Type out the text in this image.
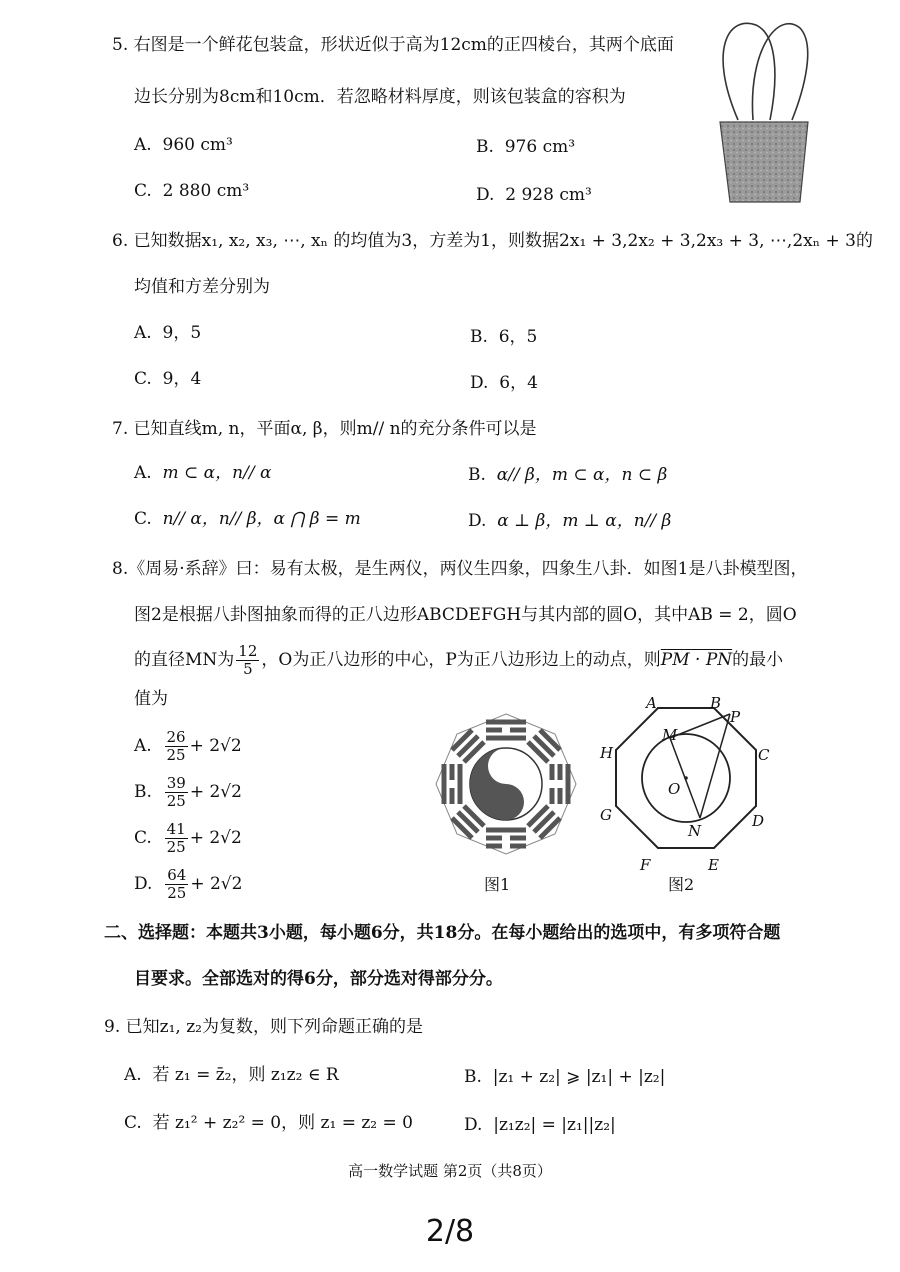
5. 右图是一个鲜花包装盒，形状近似于高为12cm的正四棱台，其两个底面
边长分别为8cm和10cm．若忽略材料厚度，则该包装盒的容积为
A. 960 cm³	B. 976 cm³
C. 2 880 cm³	D. 2 928 cm³
6. 已知数据x₁, x₂, x₃, ⋯, xₙ 的均值为3，方差为1，则数据2x₁ + 3,2x₂ + 3,2x₃ + 3, ⋯,2xₙ + 3的
均值和方差分别为
A. 9，5	B. 6，5
C. 9，4	D. 6，4
7. 已知直线m, n，平面α, β，则m// n的充分条件可以是
A. m ⊂ α，n// α	B. α// β，m ⊂ α，n ⊂ β
C. n// α，n// β，α ⋂ β = m	D. α ⊥ β，m ⊥ α，n// β
8.《周易·系辞》曰：易有太极，是生两仪，两仪生四象，四象生八卦．如图1是八卦模型图，
图2是根据八卦图抽象而得的正八边形ABCDEFGH与其内部的圆O，其中AB = 2，圆O
的直径MN为 $\frac{12}{5}$ ，O为正八边形的中心，P为正八边形边上的动点，则PM · PN的最小
值为
A. $\frac{26}{25} + 2√2$
B. $\frac{39}{25} + 2√2$
C. $\frac{41}{25} + 2√2$
D. $\frac{64}{25} + 2√2$	图1
A	B
P
C
D
E
F
G
H
M
O
N
图2
二、选择题：本题共3小题，每小题6分，共18分。在每小题给出的选项中，有多项符合题
目要求。全部选对的得6分，部分选对得部分分。
9. 已知z₁, z₂为复数，则下列命题正确的是
A. 若 z₁ = z̄₂，则 z₁z₂ ∈ R	B. |z₁ + z₂| ⩾ |z₁| + |z₂|
C. 若 z₁² + z₂² = 0，则 z₁ = z₂ = 0	D. |z₁z₂| = |z₁||z₂|
高一数学试题 第2页（共8页）
2/8
